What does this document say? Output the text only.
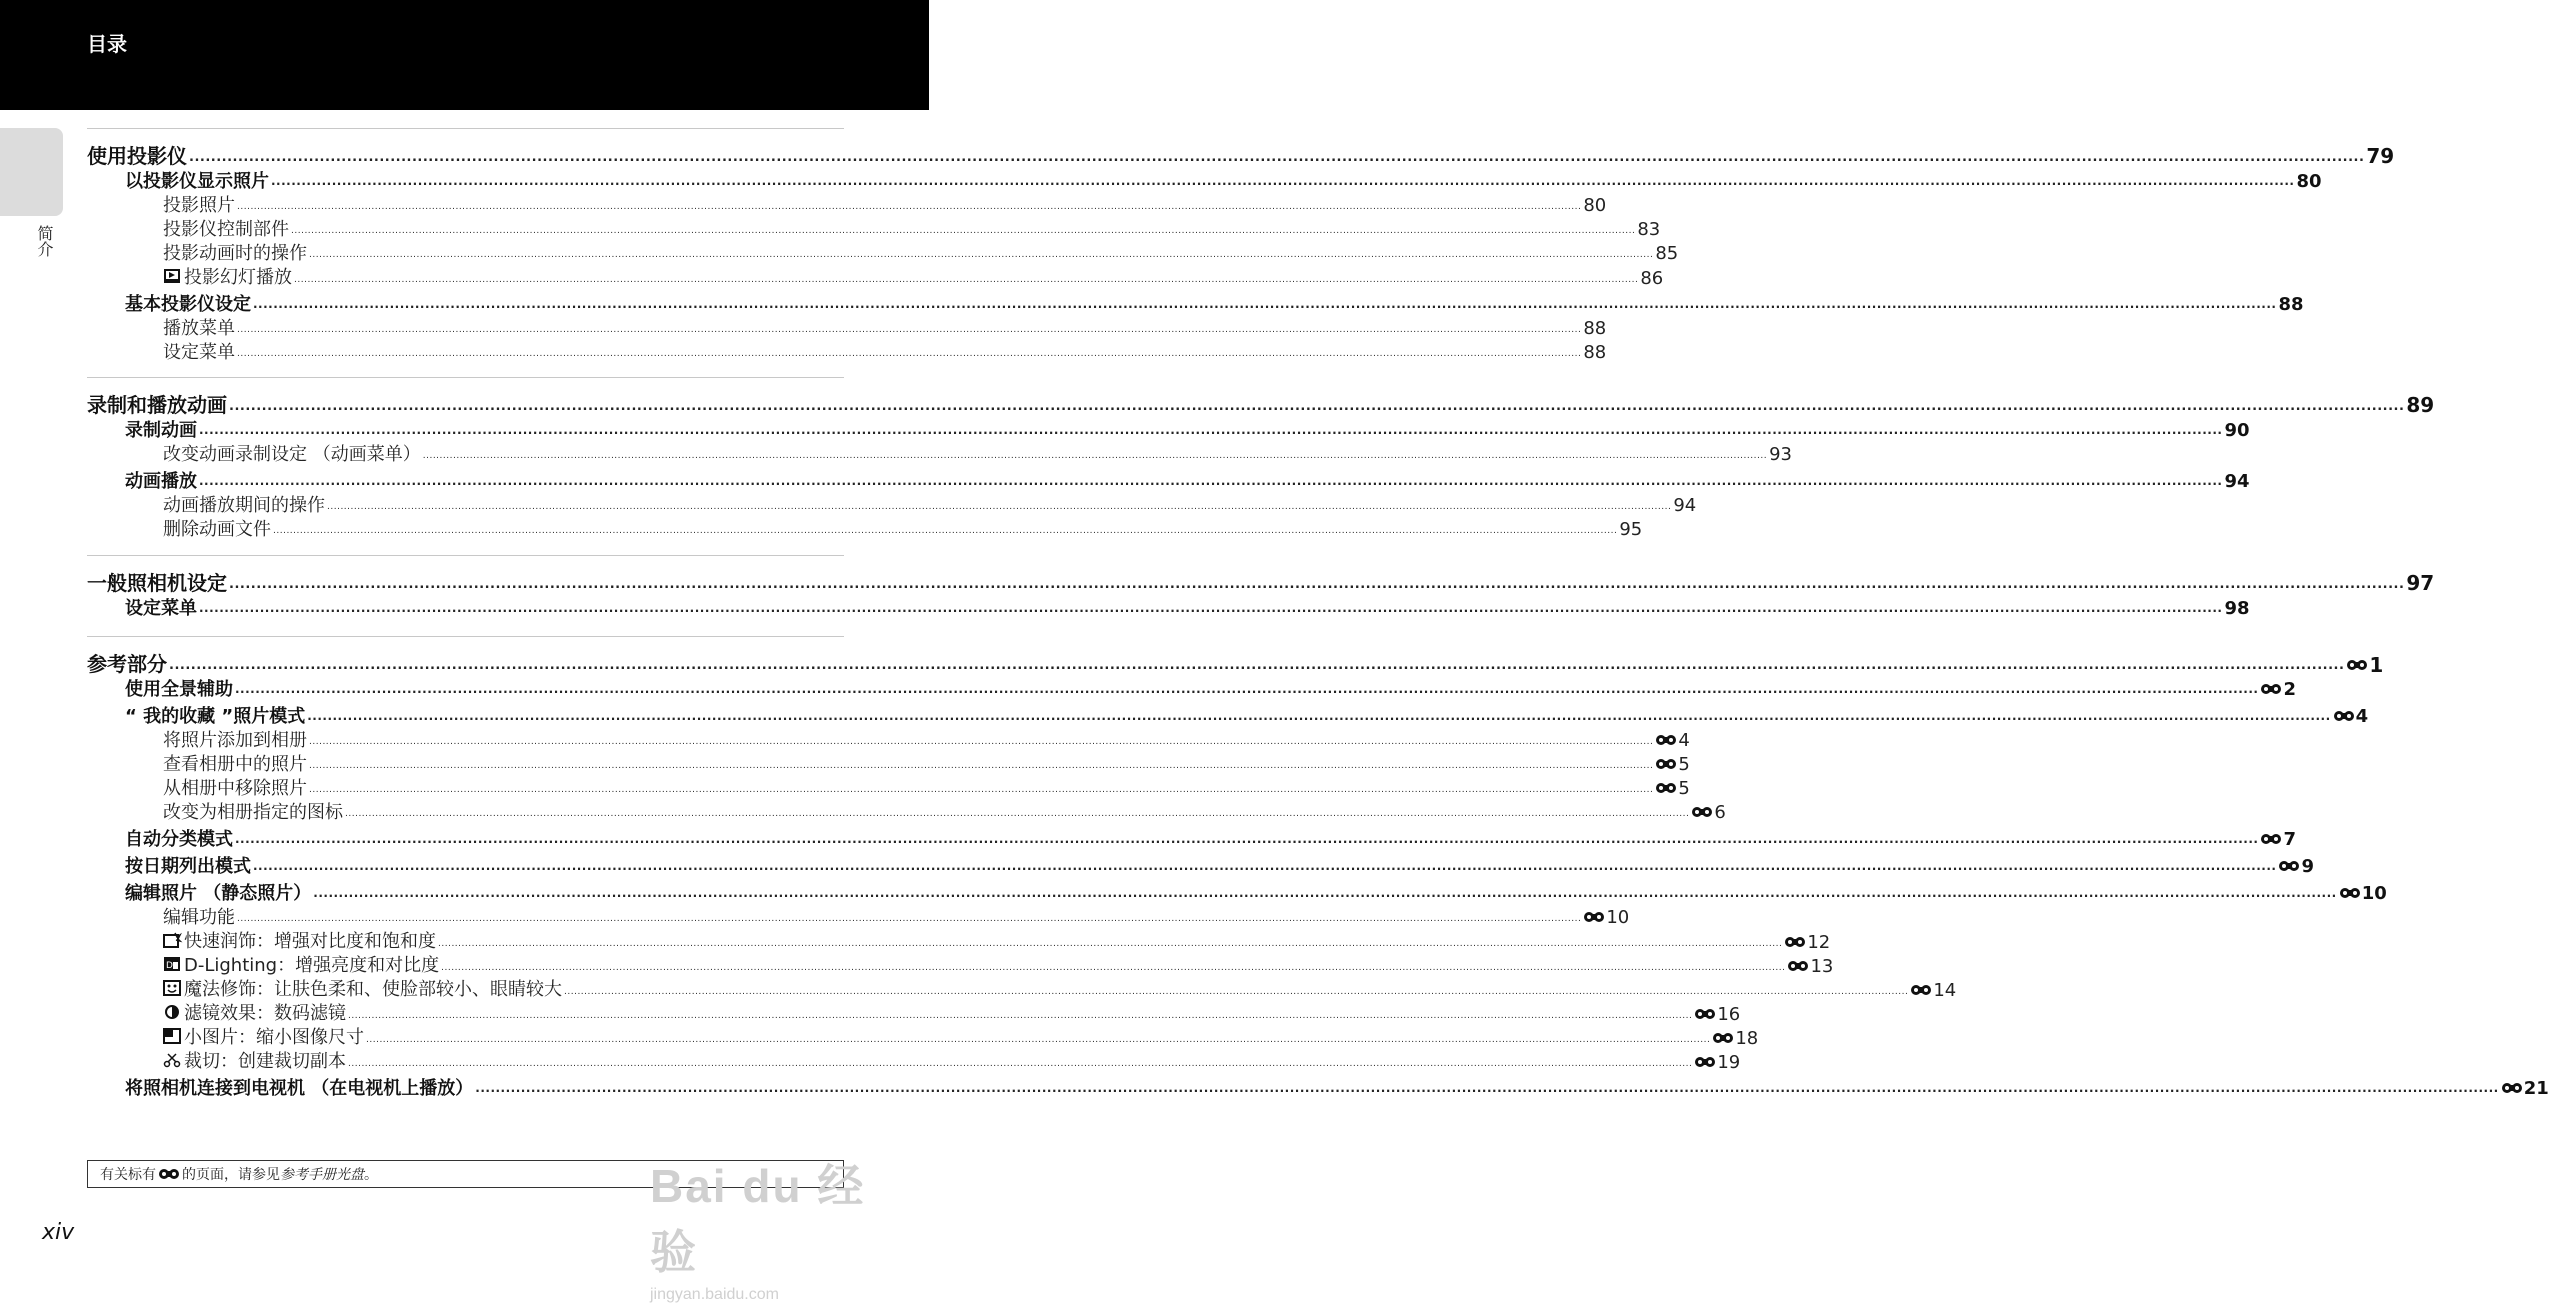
目录
简介
有关标有 的页面，请参见 参考手册光盘 。
xiv
Bai du 经验
jingyan.baidu.com
使用投影仪 ................................................................................................................................................................................................................................................................................................................................................................................................................ 79
以投影仪显示照片 ................................................................................................................................................................................................................................................................................................................................................................................................................ 80
投影照片 ................................................................................................................................................................................................................................................................................................................................................................................................................ 80
投影仪控制部件 ................................................................................................................................................................................................................................................................................................................................................................................................................ 83
投影动画时的操作 ................................................................................................................................................................................................................................................................................................................................................................................................................ 85
投影幻灯播放 ................................................................................................................................................................................................................................................................................................................................................................................................................ 86
基本投影仪设定 ................................................................................................................................................................................................................................................................................................................................................................................................................ 88
播放菜单 ................................................................................................................................................................................................................................................................................................................................................................................................................ 88
设定菜单 ................................................................................................................................................................................................................................................................................................................................................................................................................ 88
录制和播放动画 ................................................................................................................................................................................................................................................................................................................................................................................................................ 89
录制动画 ................................................................................................................................................................................................................................................................................................................................................................................................................ 90
改变动画录制设定 （动画菜单） ................................................................................................................................................................................................................................................................................................................................................................................................................ 93
动画播放 ................................................................................................................................................................................................................................................................................................................................................................................................................ 94
动画播放期间的操作 ................................................................................................................................................................................................................................................................................................................................................................................................................ 94
删除动画文件 ................................................................................................................................................................................................................................................................................................................................................................................................................ 95
一般照相机设定 ................................................................................................................................................................................................................................................................................................................................................................................................................ 97
设定菜单 ................................................................................................................................................................................................................................................................................................................................................................................................................ 98
参考部分 ................................................................................................................................................................................................................................................................................................................................................................................................................ 1
使用全景辅助 ................................................................................................................................................................................................................................................................................................................................................................................................................ 2
“ 我的收藏 ”照片模式 ................................................................................................................................................................................................................................................................................................................................................................................................................ 4
将照片添加到相册 ................................................................................................................................................................................................................................................................................................................................................................................................................ 4
查看相册中的照片 ................................................................................................................................................................................................................................................................................................................................................................................................................ 5
从相册中移除照片 ................................................................................................................................................................................................................................................................................................................................................................................................................ 5
改变为相册指定的图标 ................................................................................................................................................................................................................................................................................................................................................................................................................ 6
自动分类模式 ................................................................................................................................................................................................................................................................................................................................................................................................................ 7
按日期列出模式 ................................................................................................................................................................................................................................................................................................................................................................................................................ 9
编辑照片 （静态照片） ................................................................................................................................................................................................................................................................................................................................................................................................................ 10
编辑功能 ................................................................................................................................................................................................................................................................................................................................................................................................................ 10
快速润饰：增强对比度和饱和度 ................................................................................................................................................................................................................................................................................................................................................................................................................ 12
D D-Lighting：增强亮度和对比度 ................................................................................................................................................................................................................................................................................................................................................................................................................ 13
魔法修饰：让肤色柔和、使脸部较小、眼睛较大 ................................................................................................................................................................................................................................................................................................................................................................................................................ 14
滤镜效果：数码滤镜 ................................................................................................................................................................................................................................................................................................................................................................................................................ 16
小图片：缩小图像尺寸 ................................................................................................................................................................................................................................................................................................................................................................................................................ 18
裁切：创建裁切副本 ................................................................................................................................................................................................................................................................................................................................................................................................................ 19
将照相机连接到电视机 （在电视机上播放） ................................................................................................................................................................................................................................................................................................................................................................................................................ 21
